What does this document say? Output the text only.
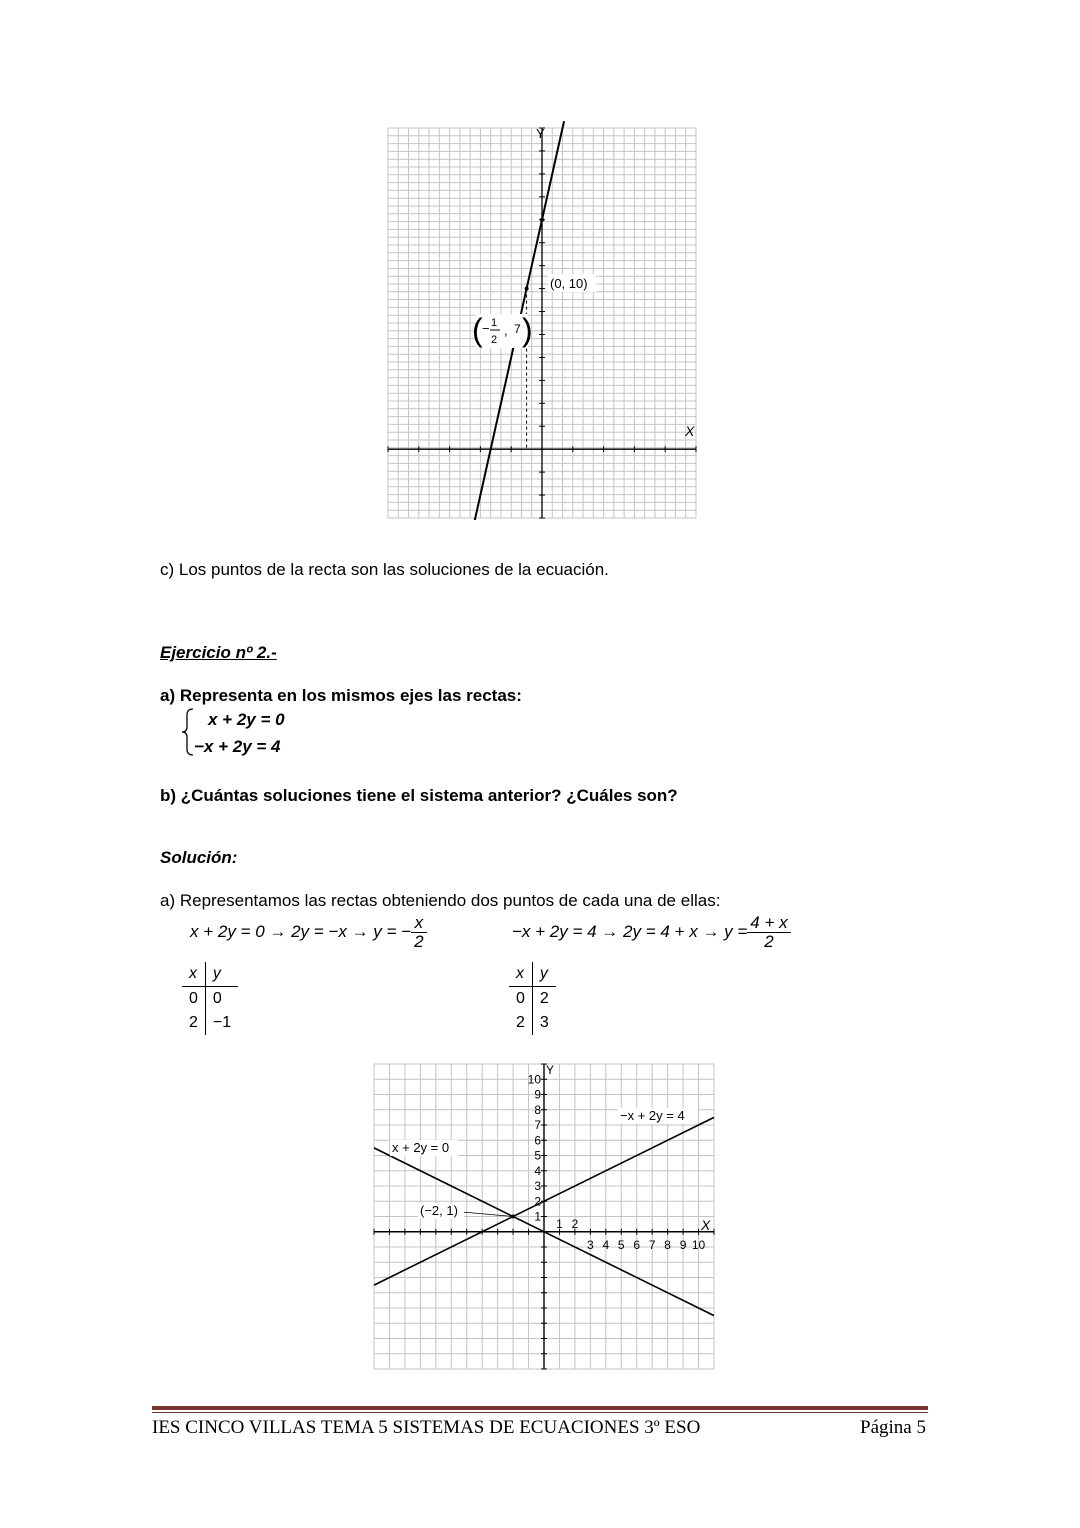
Y
X
(0, 10)
( − 1
2
, 7 )
c) Los puntos de la recta son las soluciones de la ecuación.
Ejercicio nº 2.-
a) Representa en los mismos ejes las rectas:
x + 2y = 0
−x + 2y = 4
b) ¿Cuántas soluciones tiene el sistema anterior? ¿Cuáles son?
Solución:
a) Representamos las rectas obteniendo dos puntos de cada una de ellas:
x + 2y = 0 → 2y = −x → y = − $\frac{x}{2}$	$-x + 2y = 4 \to 2y = 4 + x \to y = \frac{4 + x}{2}$
x	y
0	0
2	−1
x	y
0	2
2	3
1
2
3
4
5
6
7
8
9
10
1 2
3 4 5 6 7 8 9 10
Y
X
x + 2y = 0
−x + 2y = 4
(−2, 1)
IES CINCO VILLAS TEMA 5 SISTEMAS DE ECUACIONES 3º ESO	Página 5
